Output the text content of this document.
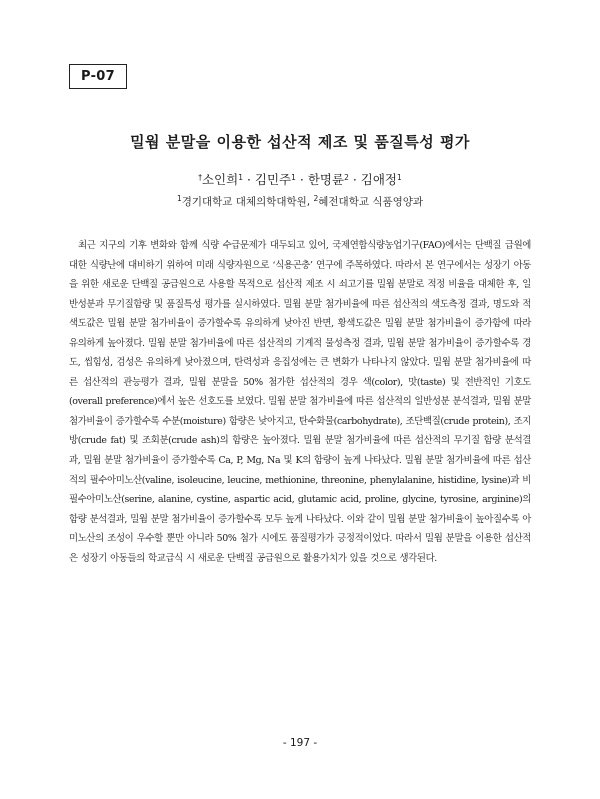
P-07
밀웜 분말을 이용한 섭산적 제조 및 품질특성 평가
†소인희$^1$ · 김민주$^1$ · 한명륜$^2$ · 김애정$^1$
$^1$경기대학교 대체의학대학원, $^2$혜전대학교 식품영양과

최근 지구의 기후 변화와 함께 식량 수급문제가 대두되고 있어, 국제연합식량농업기구(FAO)에서는 단백질 급원에 대한 식량난에 대비하기 위하여 미래 식량자원으로 ‘식용곤충’ 연구에 주목하였다. 따라서 본 연구에서는 성장기 아동을 위한 새로운 단백질 공급원으로 사용할 목적으로 섭산적 제조 시 쇠고기를 밀웜 분말로 적정 비율을 대체한 후, 일반성분과 무기질함량 및 품질특성 평가를 실시하였다. 밀웜 분말 첨가비율에 따른 섭산적의 색도측정 결과, 명도와 적색도값은 밀웜 분말 첨가비율이 증가할수록 유의하게 낮아진 반면, 황색도값은 밀웜 분말 첨가비율이 증가함에 따라 유의하게 높아졌다. 밀웜 분말 첨가비율에 따른 섭산적의 기계적 물성측정 결과, 밀웜 분말 첨가비율이 증가할수록 경도, 씹힘성, 검성은 유의하게 낮아졌으며, 탄력성과 응집성에는 큰 변화가 나타나지 않았다. 밀웜 분말 첨가비율에 따른 섭산적의 관능평가 결과, 밀웜 분말을 50% 첨가한 섭산적의 경우 색(color), 맛(taste) 및 전반적인 기호도(overall preference)에서 높은 선호도를 보였다. 밀웜 분말 첨가비율에 따른 섭산적의 일반성분 분석결과, 밀웜 분말 첨가비율이 증가할수록 수분(moisture) 함량은 낮아지고, 탄수화물(carbohydrate), 조단백질(crude protein), 조지방(crude fat) 및 조회분(crude ash)의 함량은 높아졌다. 밀웜 분말 첨가비율에 따른 섭산적의 무기질 함량 분석결과, 밀웜 분말 첨가비율이 증가할수록 Ca, P, Mg, Na 및 K의 함량이 높게 나타났다. 밀웜 분말 첨가비율에 따른 섭산적의 필수아미노산(valine, isoleucine, leucine, methionine, threonine, phenylalanine, histidine, lysine)과 비필수아미노산(serine, alanine, cystine, aspartic acid, glutamic acid, proline, glycine, tyrosine, arginine)의 함량 분석결과, 밀웜 분말 첨가비율이 증가할수록 모두 높게 나타났다. 이와 같이 밀웜 분말 첨가비율이 높아질수록 아미노산의 조성이 우수할 뿐만 아니라 50% 첨가 시에도 품질평가가 긍정적이었다. 따라서 밀웜 분말을 이용한 섭산적은 성장기 아동들의 학교급식 시 새로운 단백질 공급원으로 활용가치가 있을 것으로 생각된다.

- 197 -
